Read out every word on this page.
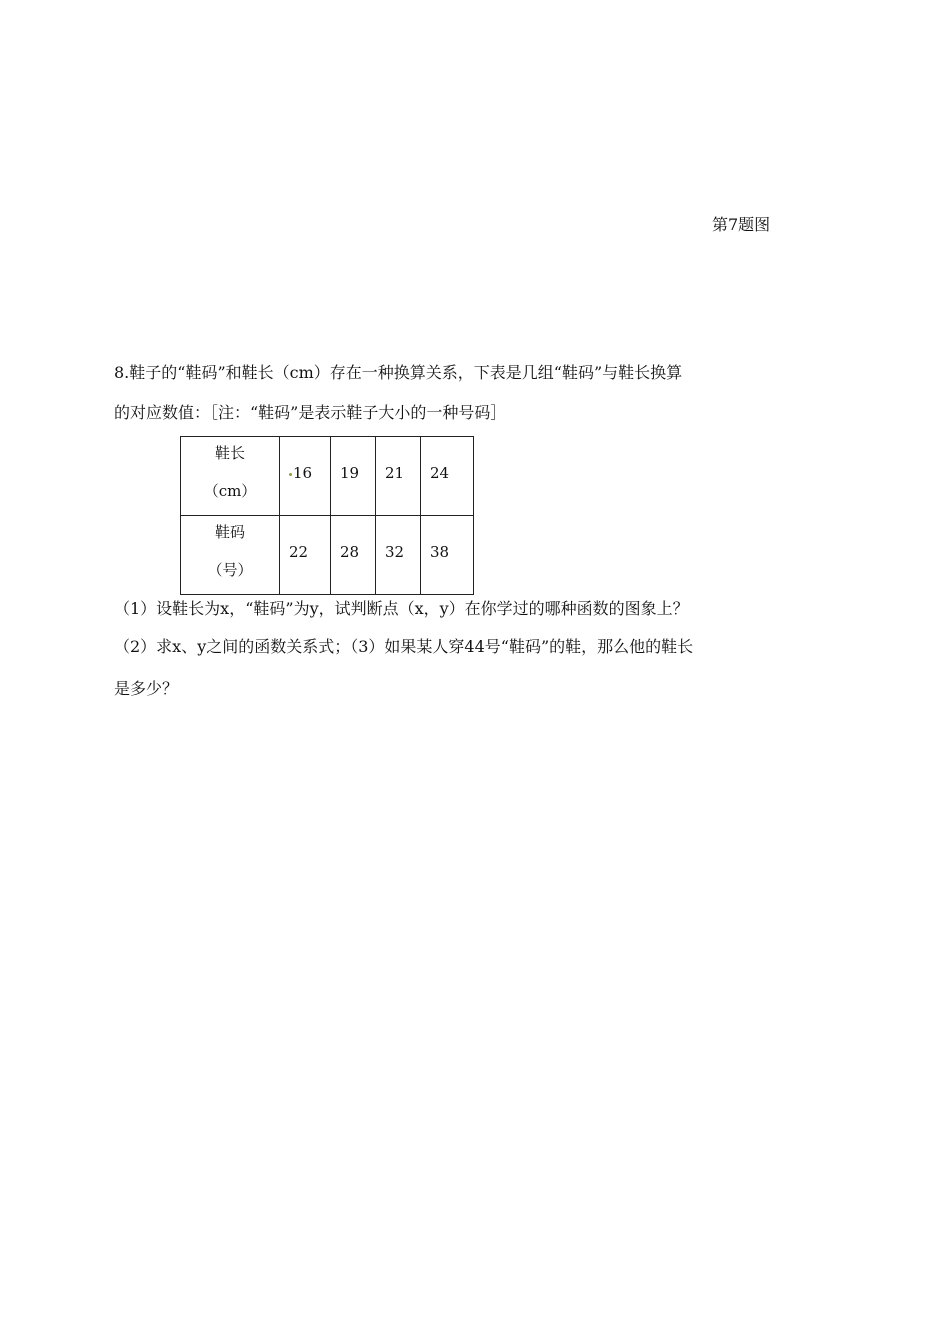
第7题图
8.鞋子的“鞋码”和鞋长（cm）存在一种换算关系，下表是几组“鞋码”与鞋长换算
的对应数值：［注：“鞋码”是表示鞋子大小的一种号码］
鞋长
（cm）	16	19	21	24

鞋码
（号）	22	28	32	38
（1）设鞋长为x，“鞋码”为y，试判断点（x，y）在你学过的哪种函数的图象上？
（2）求x、y之间的函数关系式；（3）如果某人穿44号“鞋码”的鞋，那么他的鞋长
是多少？
